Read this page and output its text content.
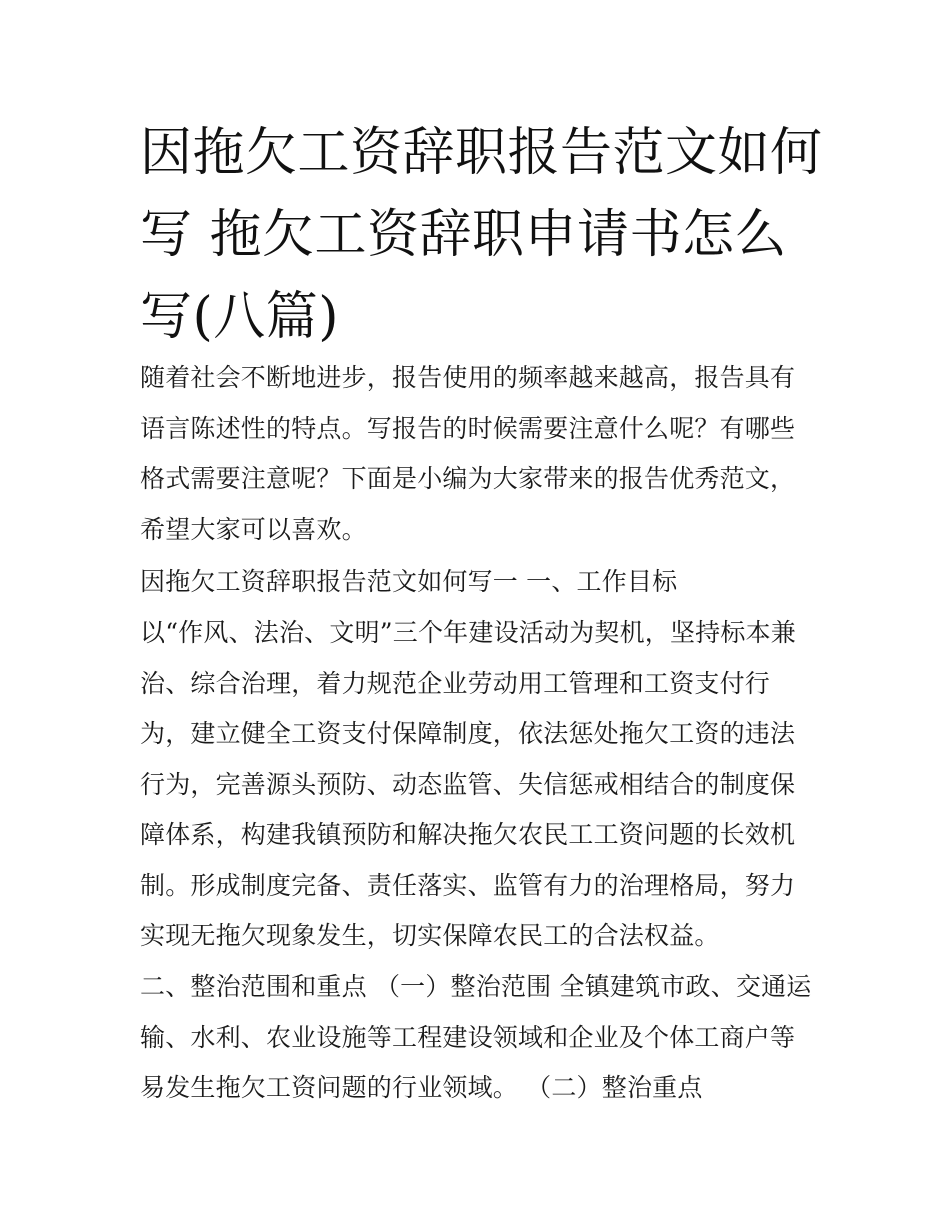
因拖欠工资辞职报告范文如何写 拖欠工资辞职申请书怎么写(八篇)

随着社会不断地进步，报告使用的频率越来越高，报告具有语言陈述性的特点。写报告的时候需要注意什么呢？有哪些格式需要注意呢？下面是小编为大家带来的报告优秀范文，希望大家可以喜欢。

因拖欠工资辞职报告范文如何写一 一、工作目标

以“作风、法治、文明”三个年建设活动为契机，坚持标本兼治、综合治理，着力规范企业劳动用工管理和工资支付行为，建立健全工资支付保障制度，依法惩处拖欠工资的违法行为，完善源头预防、动态监管、失信惩戒相结合的制度保障体系，构建我镇预防和解决拖欠农民工工资问题的长效机制。形成制度完备、责任落实、监管有力的治理格局，努力实现无拖欠现象发生，切实保障农民工的合法权益。

二、整治范围和重点 （一）整治范围 全镇建筑市政、交通运输、水利、农业设施等工程建设领域和企业及个体工商户等易发生拖欠工资问题的行业领域。 （二）整治重点
